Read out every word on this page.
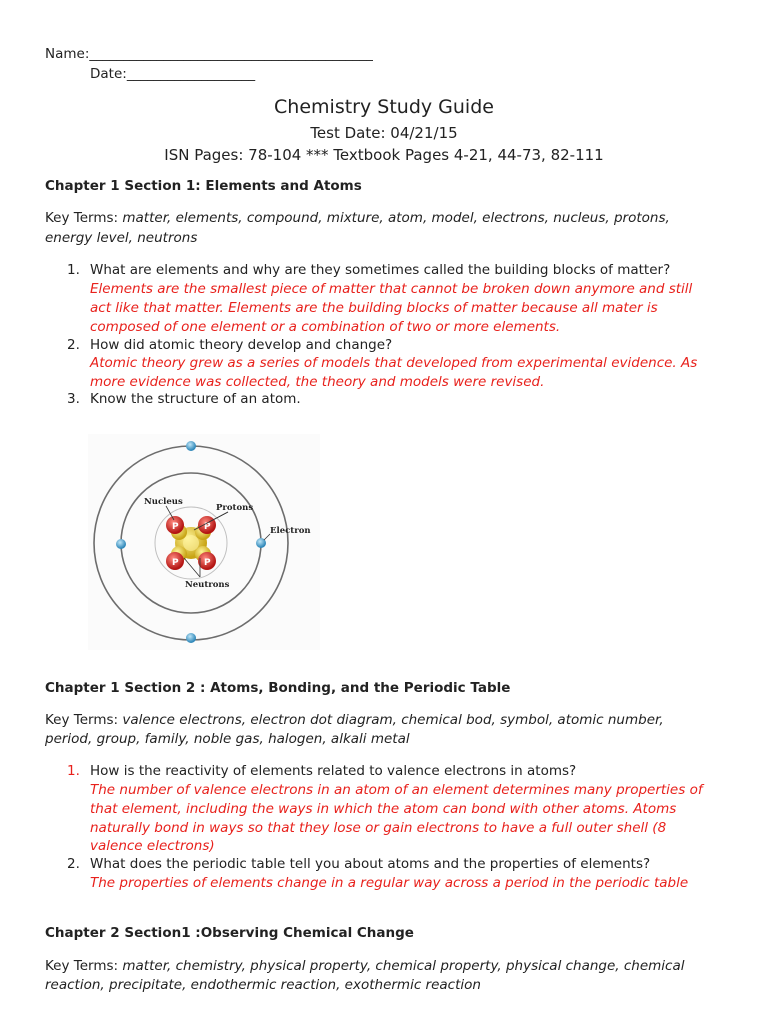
Name:__________________________________________
Date:___________________
Chemistry Study Guide
Test Date: 04/21/15
ISN Pages: 78-104 *** Textbook Pages 4-21, 44-73, 82-111
Chapter 1 Section 1: Elements and Atoms
Key Terms: matter, elements, compound, mixture, atom, model, electrons, nucleus, protons,
energy level, neutrons
1. What are elements and why are they sometimes called the building blocks of matter?
Elements are the smallest piece of matter that cannot be broken down anymore and still
act like that matter. Elements are the building blocks of matter because all mater is
composed of one element or a combination of two or more elements.
2. How did atomic theory develop and change?
Atomic theory grew as a series of models that developed from experimental evidence. As
more evidence was collected, the theory and models were revised.
3. Know the structure of an atom.
P	P
P	P
Nucleus
Protons
Electron
Neutrons
Chapter 1 Section 2 : Atoms, Bonding, and the Periodic Table
Key Terms: valence electrons, electron dot diagram, chemical bod, symbol, atomic number,
period, group, family, noble gas, halogen, alkali metal
1. How is the reactivity of elements related to valence electrons in atoms?
The number of valence electrons in an atom of an element determines many properties of
that element, including the ways in which the atom can bond with other atoms. Atoms
naturally bond in ways so that they lose or gain electrons to have a full outer shell (8
valence electrons)
2. What does the periodic table tell you about atoms and the properties of elements?
The properties of elements change in a regular way across a period in the periodic table
Chapter 2 Section1 :Observing Chemical Change
Key Terms: matter, chemistry, physical property, chemical property, physical change, chemical
reaction, precipitate, endothermic reaction, exothermic reaction
